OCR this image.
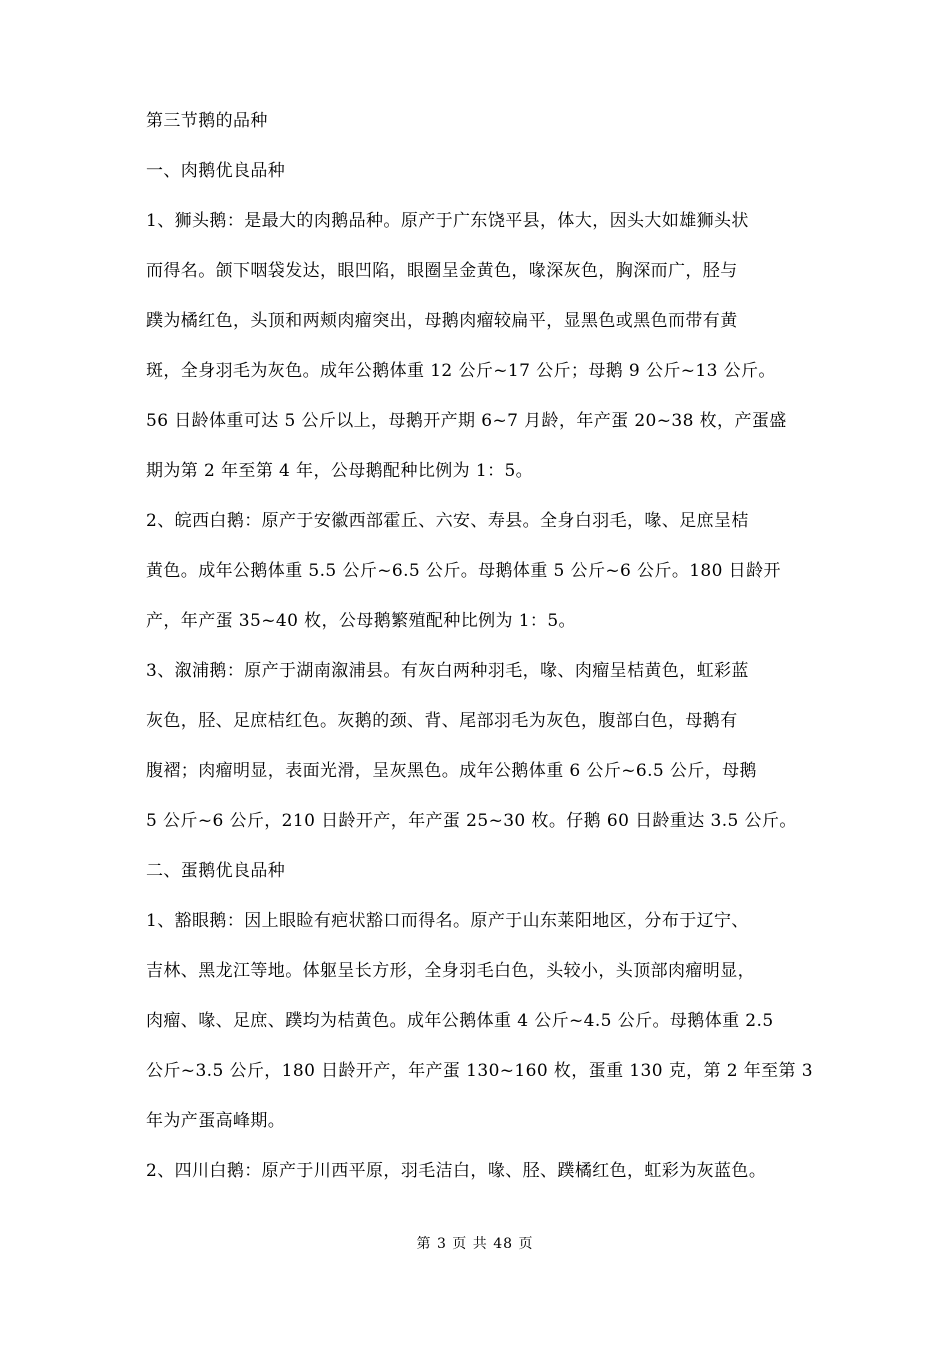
第三节鹅的品种
一、肉鹅优良品种
1、狮头鹅：是最大的肉鹅品种。原产于广东饶平县，体大，因头大如雄狮头状
而得名。颌下咽袋发达，眼凹陷，眼圈呈金黄色，喙深灰色，胸深而广，胫与
蹼为橘红色，头顶和两颊肉瘤突出，母鹅肉瘤较扁平，显黑色或黑色而带有黄
斑，全身羽毛为灰色。成年公鹅体重 12 公斤~17 公斤；母鹅 9 公斤~13 公斤。
56 日龄体重可达 5 公斤以上，母鹅开产期 6~7 月龄，年产蛋 20~38 枚，产蛋盛
期为第 2 年至第 4 年，公母鹅配种比例为 1：5。
2、皖西白鹅：原产于安徽西部霍丘、六安、寿县。全身白羽毛，喙、足庶呈桔
黄色。成年公鹅体重 5.5 公斤~6.5 公斤。母鹅体重 5 公斤~6 公斤。180 日龄开
产，年产蛋 35~40 枚，公母鹅繁殖配种比例为 1：5。
3、溆浦鹅：原产于湖南溆浦县。有灰白两种羽毛，喙、肉瘤呈桔黄色，虹彩蓝
灰色，胫、足庶桔红色。灰鹅的颈、背、尾部羽毛为灰色，腹部白色，母鹅有
腹褶；肉瘤明显，表面光滑，呈灰黑色。成年公鹅体重 6 公斤~6.5 公斤，母鹅
5 公斤~6 公斤，210 日龄开产，年产蛋 25~30 枚。仔鹅 60 日龄重达 3.5 公斤。
二、蛋鹅优良品种
1、豁眼鹅：因上眼睑有疤状豁口而得名。原产于山东莱阳地区，分布于辽宁、
吉林、黑龙江等地。体躯呈长方形，全身羽毛白色，头较小，头顶部肉瘤明显，
肉瘤、喙、足庶、蹼均为桔黄色。成年公鹅体重 4 公斤~4.5 公斤。母鹅体重 2.5
公斤~3.5 公斤，180 日龄开产，年产蛋 130~160 枚，蛋重 130 克，第 2 年至第 3
年为产蛋高峰期。
2、四川白鹅：原产于川西平原，羽毛洁白，喙、胫、蹼橘红色，虹彩为灰蓝色。
第 3 页 共 48 页
